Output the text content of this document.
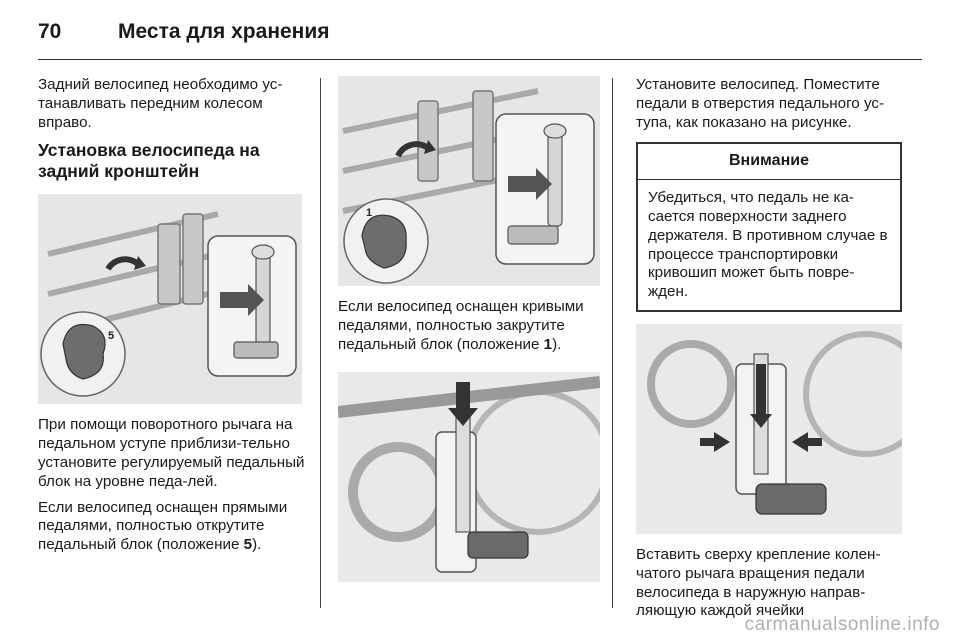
70	Места для хранения

Задний велосипед необходимо ус-танавливать передним колесом вправо.

Установка велосипеда на задний кронштейн
5

При помощи поворотного рычага на педальном уступе приблизи-тельно установите регулируемый педальный блок на уровне педа-лей.

Если велосипед оснащен прямыми педалями, полностью открутите педальный блок (положение 5).

1

Если велосипед оснащен кривыми педалями, полностью закрутите педальный блок (положение 1).

Установите велосипед. Поместите педали в отверстия педального ус-тупа, как показано на рисунке.

Внимание
Убедиться, что педаль не ка-сается поверхности заднего держателя. В противном случае в процессе транспортировки кривошип может быть повре-жден.

Вставить сверху крепление колен-чатого рычага вращения педали велосипеда в наружную направ-ляющую каждой ячейки

carmanualsonline.info
